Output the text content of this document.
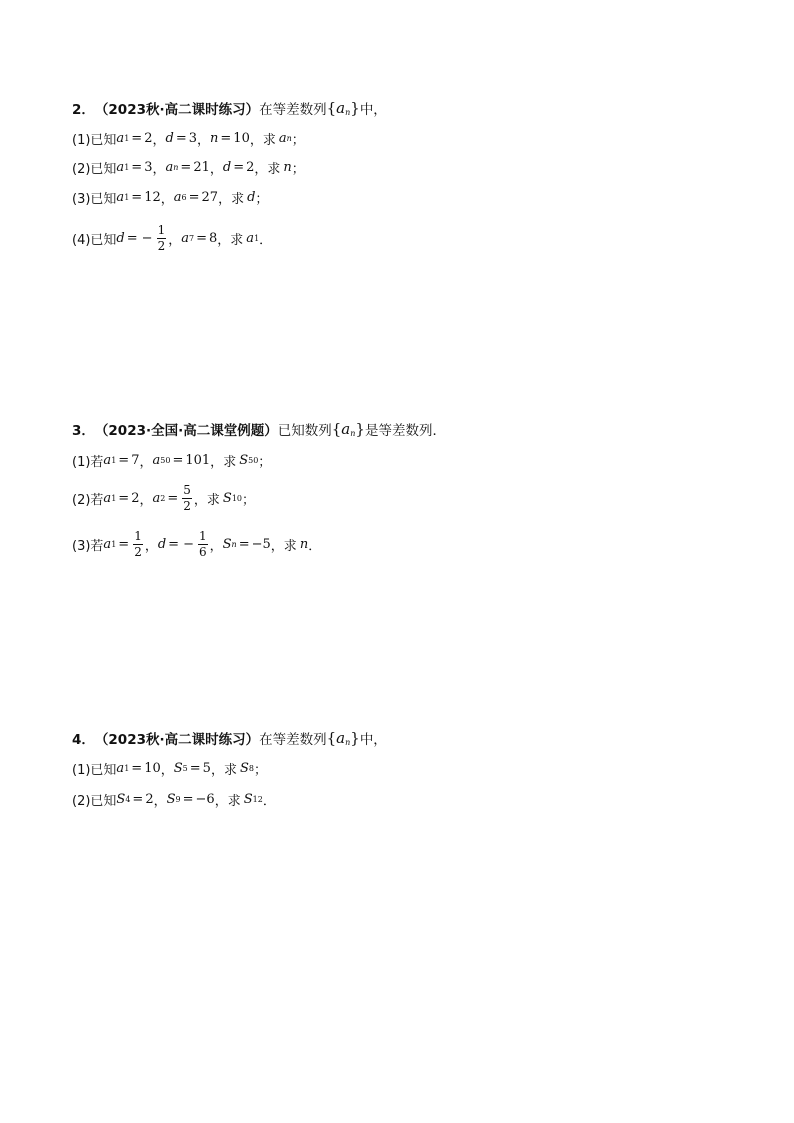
2． （2023秋·高二课时练习） 在等差数列 $\{a_n\}$ 中，
(1)已知 a 1 = 2 ， d = 3 ， n = 10 ， 求 a n ；
(2)已知 a 1 = 3 ， a n = 21 ， d = 2 ， 求 n ；
(3)已知 a 1 = 12 ， a 6 = 27 ， 求 d ；
(4)已知 d = − $\frac{1}{2}$ ， a 7 = 8 ， 求 a 1 ．
3． （2023·全国·高二课堂例题） 已知数列 $\{a_n\}$ 是等差数列．
(1)若 a 1 = 7 ， a 50 = 101 ， 求 S 50 ；
(2)若 a 1 = 2 ， a $2 = \frac{5}{2}$ ， 求 S 10 ；
(3)若 a $1 = \frac{1}{2}$ ， d = − $\frac{1}{6}$ ， S n = −5 ， 求 n ．
4． （2023秋·高二课时练习） 在等差数列 $\{a_n\}$ 中，
(1)已知 a 1 = 10 ， S 5 = 5 ， 求 S 8 ；
(2)已知 S 4 = 2 ， S 9 = −6 ， 求 S 12 ．
